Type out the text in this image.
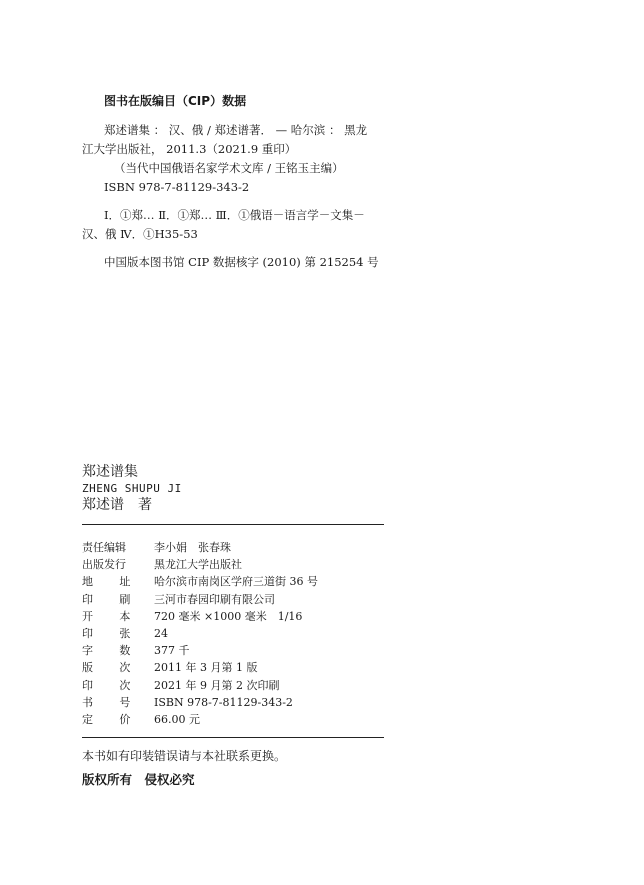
图书在版编目（CIP）数据
郑述谱集 ： 汉、俄 / 郑述谱著． — 哈尔滨 ： 黑龙
江大学出版社， 2011.3（2021.9 重印）
（当代中国俄语名家学术文库 / 王铭玉主编）
ISBN 978-7-81129-343-2
Ⅰ．①郑… Ⅱ．①郑… Ⅲ．①俄语－语言学－文集－
汉、俄 Ⅳ．①H35-53
中国版本图书馆 CIP 数据核字 (2010) 第 215254 号
郑述谱集
ZHENG SHUPU JI
郑述谱　著
责任编辑	李小娟　张春珠
出版发行	黑龙江大学出版社
地址
哈尔滨市南岗区学府三道街 36 号
印刷
三河市春园印刷有限公司
开本
720 毫米 ×1000 毫米　1/16
印张
24
字数
377 千
版次
2011 年 3 月第 1 版
印次
2021 年 9 月第 2 次印刷
书号
ISBN 978-7-81129-343-2
定价
66.00 元
本书如有印装错误请与本社联系更换。
版权所有　侵权必究
